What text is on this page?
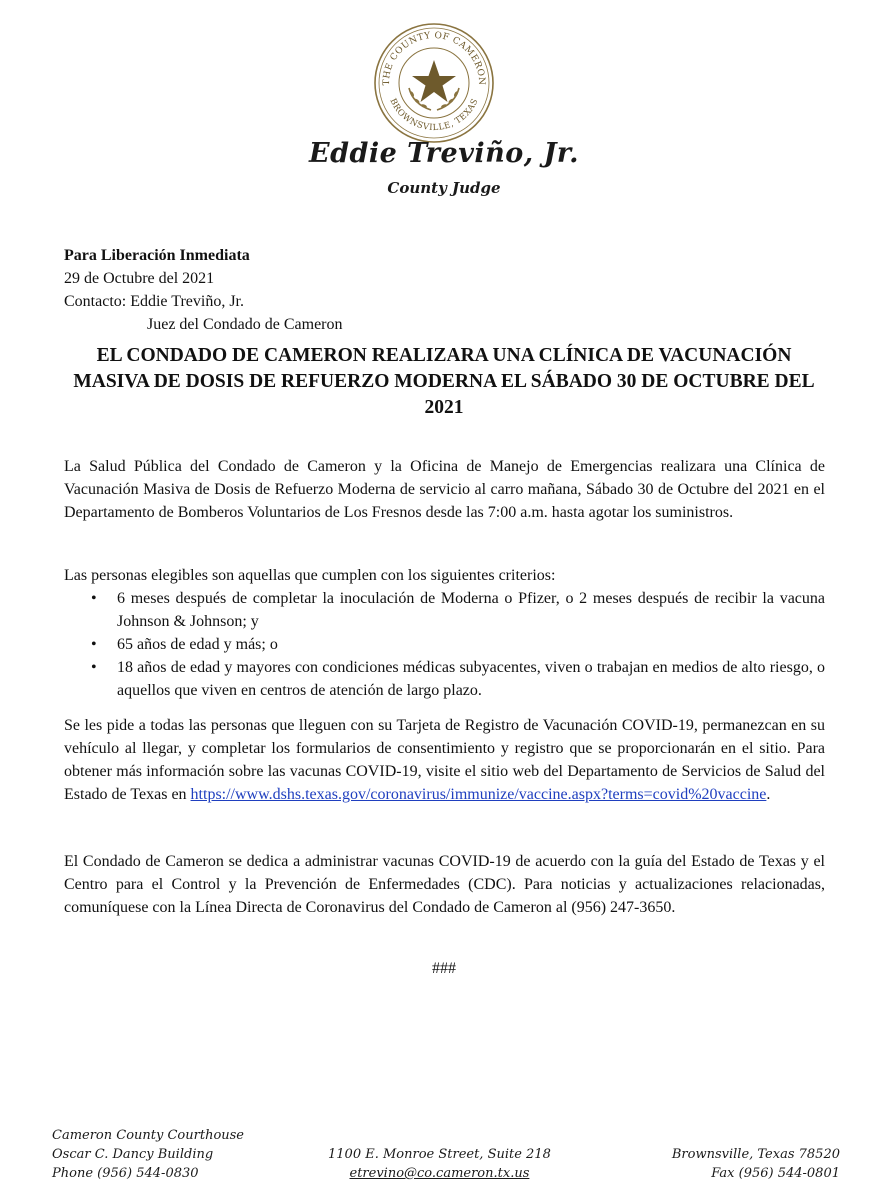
THE COUNTY OF CAMERON
BROWNSVILLE, TEXAS
Eddie Treviño, Jr.
County Judge
Para Liberación Inmediata
29 de Octubre del 2021
Contacto: Eddie Treviño, Jr.
Juez del Condado de Cameron
EL CONDADO DE CAMERON REALIZARA UNA CLÍNICA DE VACUNACIÓN MASIVA DE DOSIS DE REFUERZO MODERNA EL SÁBADO 30 DE OCTUBRE DEL 2021
La Salud Pública del Condado de Cameron y la Oficina de Manejo de Emergencias realizara una Clínica de Vacunación Masiva de Dosis de Refuerzo Moderna de servicio al carro mañana, Sábado 30 de Octubre del 2021 en el Departamento de Bomberos Voluntarios de Los Fresnos desde las 7:00 a.m. hasta agotar los suministros.
Las personas elegibles son aquellas que cumplen con los siguientes criterios:
• 6 meses después de completar la inoculación de Moderna o Pfizer, o 2 meses después de recibir la vacuna Johnson & Johnson; y
• 65 años de edad y más; o
• 18 años de edad y mayores con condiciones médicas subyacentes, viven o trabajan en medios de alto riesgo, o aquellos que viven en centros de atención de largo plazo.
Se les pide a todas las personas que lleguen con su Tarjeta de Registro de Vacunación COVID-19, permanezcan en su vehículo al llegar, y completar los formularios de consentimiento y registro que se proporcionarán en el sitio. Para obtener más información sobre las vacunas COVID-19, visite el sitio web del Departamento de Servicios de Salud del Estado de Texas en https://www.dshs.texas.gov/coronavirus/immunize/vaccine.aspx?terms=covid%20vaccine.
El Condado de Cameron se dedica a administrar vacunas COVID-19 de acuerdo con la guía del Estado de Texas y el Centro para el Control y la Prevención de Enfermedades (CDC). Para noticias y actualizaciones relacionadas, comuníquese con la Línea Directa de Coronavirus del Condado de Cameron al (956) 247-3650.
###
Cameron County Courthouse
Oscar C. Dancy Building
Phone (956) 544-0830
1100 E. Monroe Street, Suite 218
etrevino@co.cameron.tx.us
Brownsville, Texas 78520
Fax (956) 544-0801
